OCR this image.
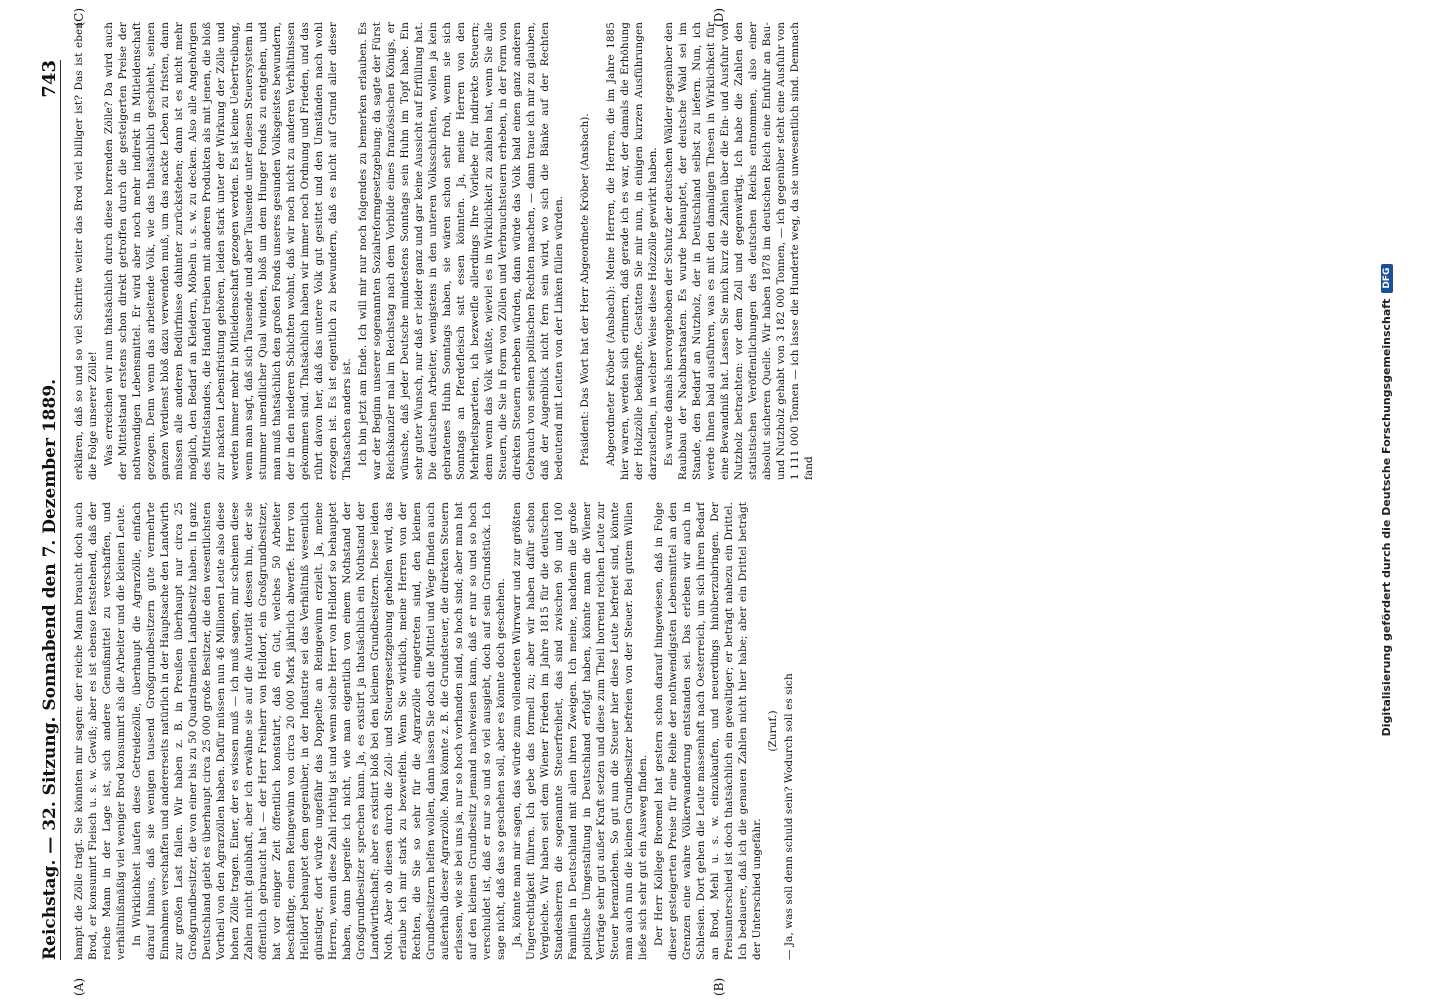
Reichstag. — 32. Sitzung. Sonnabend den 7. Dezember 1889.
743
(A)	(B)
(C)	(D)

hampt die Zölle trägt. Sie könnten mir sagen: der reiche Mann braucht doch auch Brod, er konsumirt Fleisch u. s. w. Gewiß; aber es ist ebenso feststehend, daß der reiche Mann in der Lage ist, sich andere Genußmittel zu verschaffen, und verhältnißmäßig viel weniger Brod konsumirt als die Arbeiter und die kleinen Leute. In Wirklichkeit laufen diese Getreidezölle, überhaupt die Agrarzölle, einfach darauf hinaus, daß sie wenigen tausend Großgrundbesitzern gute vermehrte Einnahmen verschaffen und andererseits natürlich in der Hauptsache den Landwirth zur großen Last fallen. Wir haben z. B. in Preußen überhaupt nur circa 25 Großgrundbesitzer, die von einer bis zu 50 Quadratmeilen Landbesitz haben. In ganz Deutschland giebt es überhaupt circa 25 000 große Besitzer, die den wesentlichsten Vortheil von den Agrarzöllen haben. Dafür müssen nun 46 Millionen Leute also diese hohen Zölle tragen. Einer, der es wissen muß — ich muß sagen, mir scheinen diese Zahlen nicht glaubhaft, aber ich erwähne sie auf die Autorität dessen hin, der sie öffentlich gebraucht hat — der Herr Freiherr von Helldorf, ein Großgrundbesitzer, hat vor einiger Zeit öffentlich konstatirt, daß ein Gut, welches 50 Arbeiter beschäftige, einen Reingewinn von circa 20 000 Mark jährlich abwerfe. Herr von Helldorf behauptet dem gegenüber, in der Industrie sei das Verhältniß wesentlich günstiger, dort würde ungefähr das Doppelte an Reingewinn erzielt. Ja, meine Herren, wenn diese Zahl richtig ist und wenn solche Herr von Helldorf so behauptet haben, dann begreife ich nicht, wie man eigentlich von einem Nothstand der Großgrundbesitzer sprechen kann. Ja, es existirt ja thatsächlich ein Nothstand der Landwirthschaft; aber es existirt bloß bei den kleinen Grundbesitzern. Diese leiden Noth. Aber ob diesen durch die Zoll- und Steuergesetzgebung geholfen wird, das erlaube ich mir stark zu bezweifeln. Wenn Sie wirklich, meine Herren von der Rechten, die Sie so sehr für die Agrarzölle eingetreten sind, den kleinen Grundbesitzern helfen wollen, dann lassen Sie doch die Mittel und Wege finden auch außerhalb dieser Agrarzölle. Man könnte z. B. die Grundsteuer, die direkten Steuern erlassen, wie sie bei uns ja, nur so hoch vorhanden sind, so hoch sind; aber man hat auf den kleinen Grundbesitz jemand nachweisen kann, daß er nur so und so hoch verschuldet ist, daß er nur so und so viel ausgiebt, doch auf sein Grundstück. Ich sage nicht, daß das so geschehen soll, aber es könnte doch geschehen. Ja, könnte man mir sagen, das würde zum vollendeten Wirrwarr und zur größten Ungerechtigkeit führen. Ich gebe das formell zu; aber wir haben dafür schon Vergleiche. Wir haben seit dem Wiener Frieden im Jahre 1815 für die deutschen Standesherren die sogenannte Steuerfreiheit, das sind zwischen 90 und 100 Familien in Deutschland mit allen ihren Zweigen. Ich meine, nachdem die große politische Umgestaltung in Deutschland erfolgt haben, könnte man die Wiener Verträge sehr gut außer Kraft setzen und diese zum Theil horrend reichen Leute zur Steuer heranziehen. So gut nun die Steuer hier diese Leute befreiet sind, könnte man auch nun die kleinen Grundbesitzer befreien von der Steuer. Bei gutem Willen ließe sich sehr gut ein Ausweg finden. Der Herr Kollege Broemel hat gestern schon darauf hingewiesen, daß in Folge dieser gesteigerten Preise für eine Reihe der nothwendigsten Lebensmittel an den Grenzen eine wahre Völkerwanderung entstanden sei. Das erleben wir auch in Schlesien. Dort gehen die Leute massenhaft nach Oesterreich, um sich ihren Bedarf an Brod, Mehl u. s. w. einzukaufen, und neuerdings hinüberzubringen. Der Preisunterschied ist doch thatsächlich ein gewaltiger; er beträgt nahezu ein Drittel. Ich bedauere, daß ich die genauen Zahlen nicht hier habe; aber ein Drittel beträgt der Unterschied ungefähr.

(Zuruf.) — Ja, was soll denn schuld sein? Wodurch soll es sich

erklären, daß so und so viel Schritte weiter das Brod viel billiger ist? Das ist eben die Folge unserer Zölle! Was erreichen wir nun thatsächlich durch diese horrenden Zölle? Da wird auch der Mittelstand erstens schon direkt getroffen durch die gesteigerten Preise der nothwendigen Lebensmittel. Er wird aber noch mehr indirekt in Mitleidenschaft gezogen. Denn wenn das arbeitende Volk, wie das thatsächlich geschieht, seinen ganzen Verdienst bloß dazu verwenden muß, um das nackte Leben zu fristen, dann müssen alle anderen Bedürfnisse dahinter zurückstehen; dann ist es nicht mehr möglich, den Bedarf an Kleidern, Möbeln u. s. w. zu decken. Also alle Angehörigen des Mittelstandes, die Handel treiben mit anderen Produkten als mit jenen, die bloß zur nackten Lebensfristung gehören, leiden stark unter der Wirkung der Zölle und werden immer mehr in Mitleidenschaft gezogen werden. Es ist keine Uebertreibung, wenn man sagt, daß sich Tausende und aber Tausende unter diesen Steuersystem in stummer unendlicher Qual winden, bloß um dem Hunger Fonds zu entgehen, und man muß thatsächlich den großen Fonds unseres gesunden Volksgeistes bewundern, der in den niederen Schichten wohnt, daß wir noch nicht zu anderen Verhältnissen gekommen sind. Thatsächlich haben wir immer noch Ordnung und Frieden, und das rührt davon her, daß das untere Volk gut gesittet und den Umständen nach wohl erzogen ist. Es ist eigentlich zu bewundern, daß es nicht auf Grund aller dieser Thatsachen anders ist. Ich bin jetzt am Ende. Ich will mir nur noch folgendes zu bemerken erlauben. Es war der Beginn unserer sogenannten Sozialreformgesetzgebung; da sagte der Fürst Reichskanzler mal im Reichstag nach dem Vorbilde eines französischen Königs, er wünsche, daß jeder Deutsche mindestens Sonntags sein Huhn im Topf habe. Ein sehr guter Wunsch, nur daß er leider ganz und gar keine Aussicht auf Erfüllung hat. Die deutschen Arbeiter, wenigstens in den unteren Volksschichten, wollen ja kein gebratenes Huhn Sonntags haben, sie wären schon sehr froh, wenn sie sich Sonntags an Pferdefleisch satt essen könnten. Ja, meine Herren von den Mehrheitsparteien, ich bezweifle allerdings Ihre Vorliebe für indirekte Steuern; denn wenn das Volk wüßte, wieviel es in Wirklichkeit zu zahlen hat, wenn Sie alle Steuern, die Sie in Form von Zöllen und Verbrauchsteuern erheben, in der Form von direkten Steuern erheben würden, dann würde das Volk bald einen ganz anderen Gebrauch von seinen politischen Rechten machen, — dann traue ich mir zu glauben, daß der Augenblick nicht fern sein wird, wo sich die Bänke auf der Rechten bedeutend mit Leuten von der Linken füllen würden. Präsident: Das Wort hat der Herr Abgeordnete Kröber (Ansbach). Abgeordneter Kröber (Ansbach): Meine Herren, die Herren, die im Jahre 1885 hier waren, werden sich erinnern, daß gerade ich es war, der damals die Erhöhung der Holzzölle bekämpfte. Gestatten Sie mir nun, in einigen kurzen Ausführungen darzustellen, in welcher Weise diese Holzzölle gewirkt haben. Es wurde damals hervorgehoben der Schutz der deutschen Wälder gegenüber den Raubbau der Nachbarstaaten. Es wurde behauptet, der deutsche Wald sei im Stande, den Bedarf an Nutzholz, der in Deutschland selbst zu liefern. Nun, ich werde Ihnen bald ausführen, was es mit den damaligen Thesen in Wirklichkeit für eine Bewandniß hat. Lassen Sie mich kurz die Zahlen über die Ein- und Ausfuhr von Nutzholz betrachten: vor dem Zoll und gegenwärtig. Ich habe die Zahlen den statistischen Veröffentlichungen des deutschen Reichs entnommen, also einer absolut sicheren Quelle. Wir haben 1878 im deutschen Reich eine Einfuhr an Bau- und Nutzholz gehabt von 3 182 000 Tonnen, — ich gegenüber steht eine Ausfuhr von 1 111 000 Tonnen — ich lasse die Hunderte weg, da sie unwesentlich sind. Demnach fand	Digitalisierung gefördert durch die Deutsche Forschungsgemeinschaft
DFG
